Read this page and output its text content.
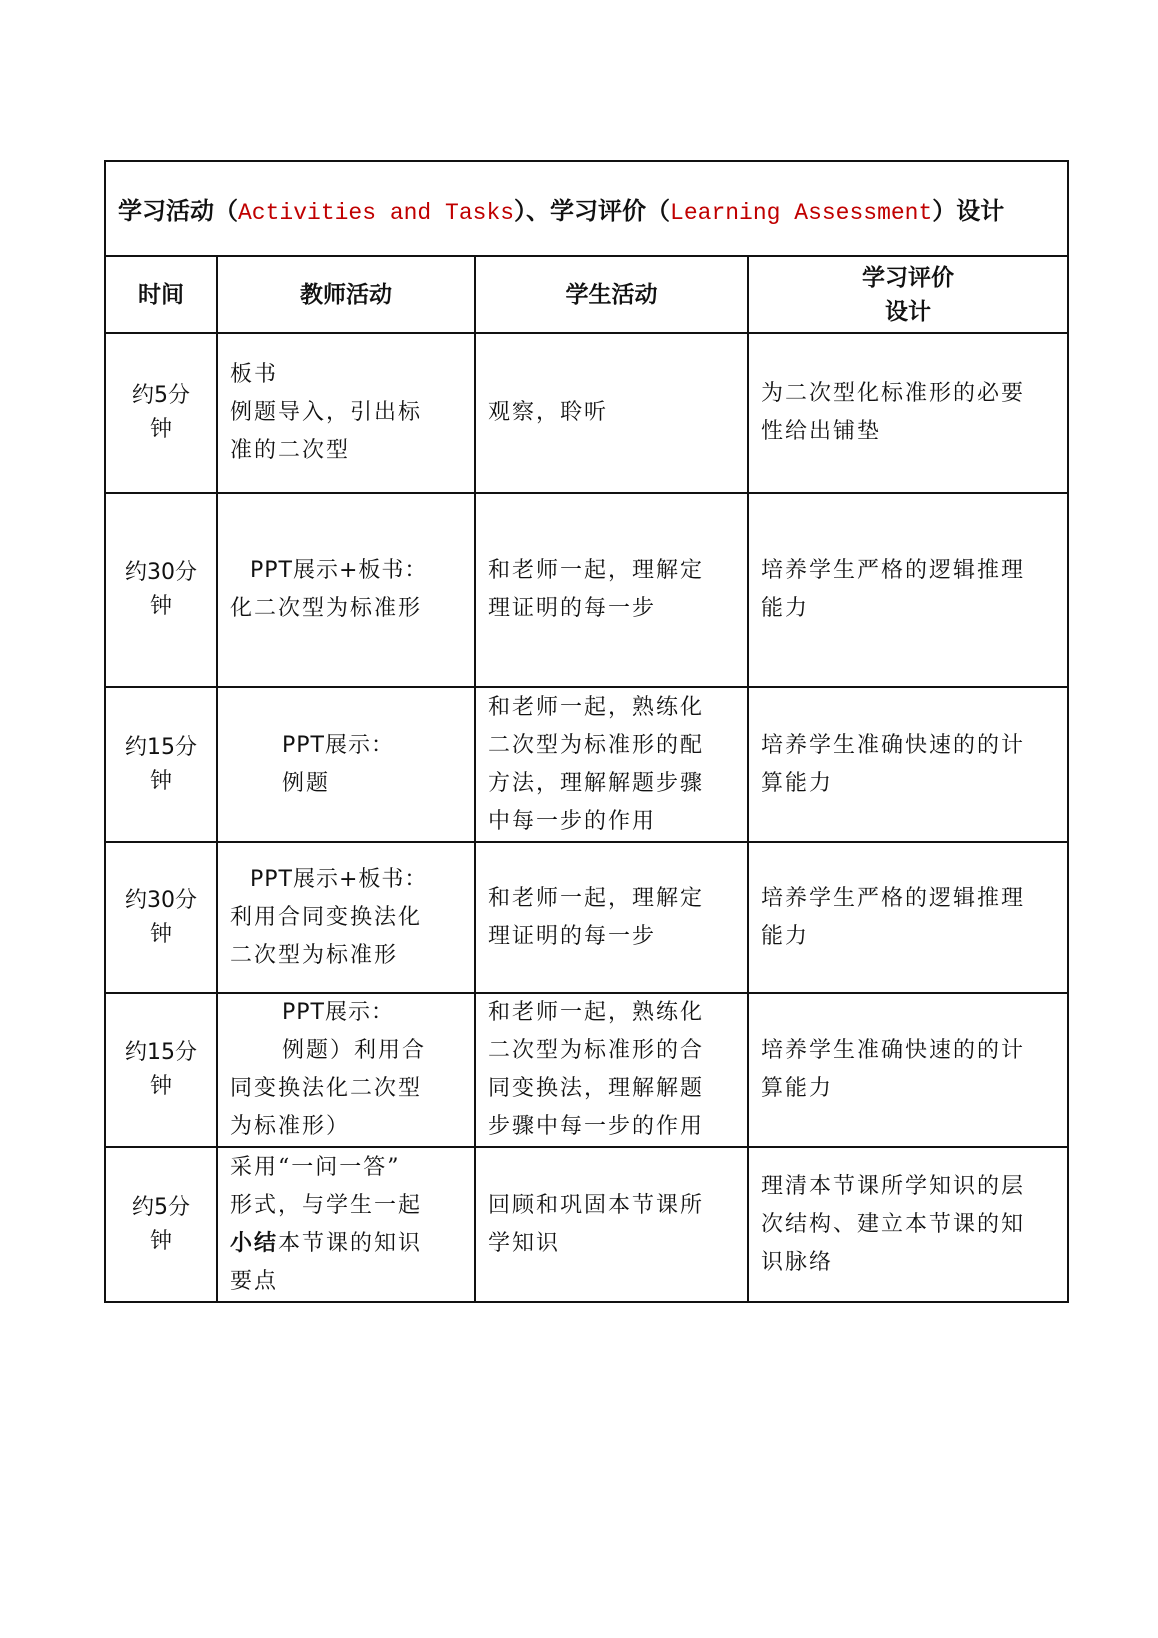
学习活动（Activities and Tasks）、学习评价（Learning Assessment）设计			
时间	教师活动	学生活动	学习评价
设计

约5分
钟	板书
例题导入，引出标
准的二次型	观察，聆听	为二次型化标准形的必要
性给出铺垫

约30分
钟	PPT展示+板书：
化二次型为标准形	和老师一起，理解定
理证明的每一步	培养学生严格的逻辑推理
能力

约15分
钟	PPT展示：
例题	和老师一起，熟练化
二次型为标准形的配
方法，理解解题步骤
中每一步的作用	培养学生准确快速的的计
算能力

约30分
钟	PPT展示+板书：
利用合同变换法化
二次型为标准形	和老师一起，理解定
理证明的每一步	培养学生严格的逻辑推理
能力

约15分
钟	PPT展示：
例题）利用合
同变换法化二次型
为标准形）	和老师一起，熟练化
二次型为标准形的合
同变换法，理解解题
步骤中每一步的作用	培养学生准确快速的的计
算能力

约5分
钟	采用“一问一答”
形式，与学生一起
小结本节课的知识
要点	回顾和巩固本节课所
学知识	理清本节课所学知识的层
次结构、建立本节课的知
识脉络
